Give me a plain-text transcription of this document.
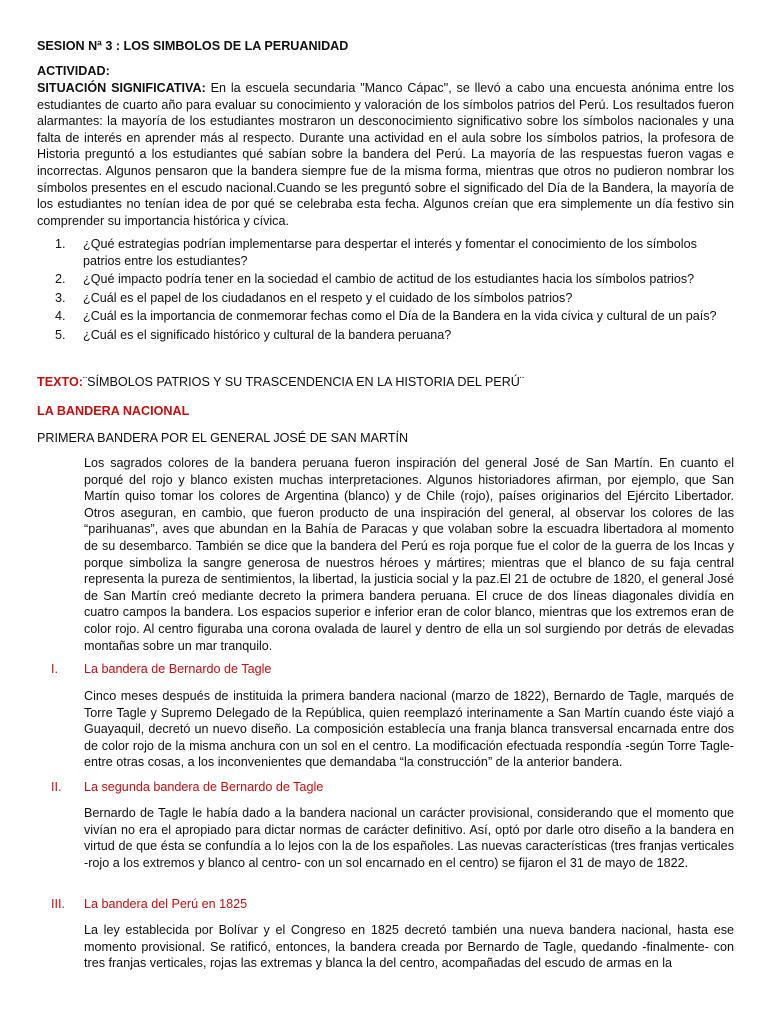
SESION Nª 3 : LOS SIMBOLOS DE LA PERUANIDAD

ACTIVIDAD:

SITUACIÓN SIGNIFICATIVA: En la escuela secundaria "Manco Cápac", se llevó a cabo una encuesta anónima entre los estudiantes de cuarto año para evaluar su conocimiento y valoración de los símbolos patrios del Perú. Los resultados fueron alarmantes: la mayoría de los estudiantes mostraron un desconocimiento significativo sobre los símbolos nacionales y una falta de interés en aprender más al respecto. Durante una actividad en el aula sobre los símbolos patrios, la profesora de Historia preguntó a los estudiantes qué sabían sobre la bandera del Perú. La mayoría de las respuestas fueron vagas e incorrectas. Algunos pensaron que la bandera siempre fue de la misma forma, mientras que otros no pudieron nombrar los símbolos presentes en el escudo nacional.Cuando se les preguntó sobre el significado del Día de la Bandera, la mayoría de los estudiantes no tenían idea de por qué se celebraba esta fecha. Algunos creían que era simplemente un día festivo sin comprender su importancia histórica y cívica.

1. ¿Qué estrategias podrían implementarse para despertar el interés y fomentar el conocimiento de los símbolos patrios entre los estudiantes?
2. ¿Qué impacto podría tener en la sociedad el cambio de actitud de los estudiantes hacia los símbolos patrios?
3. ¿Cuál es el papel de los ciudadanos en el respeto y el cuidado de los símbolos patrios?
4. ¿Cuál es la importancia de conmemorar fechas como el Día de la Bandera en la vida cívica y cultural de un país?
5. ¿Cuál es el significado histórico y cultural de la bandera peruana?

TEXTO:¨SÍMBOLOS PATRIOS Y SU TRASCENDENCIA EN LA HISTORIA DEL PERÚ¨

LA BANDERA NACIONAL

PRIMERA BANDERA POR EL GENERAL JOSÉ DE SAN MARTÍN

Los sagrados colores de la bandera peruana fueron inspiración del general José de San Martín. En cuanto el porqué del rojo y blanco existen muchas interpretaciones. Algunos historiadores afirman, por ejemplo, que San Martín quiso tomar los colores de Argentina (blanco) y de Chile (rojo), países originarios del Ejército Libertador. Otros aseguran, en cambio, que fueron producto de una inspiración del general, al observar los colores de las “parihuanas”, aves que abundan en la Bahía de Paracas y que volaban sobre la escuadra libertadora al momento de su desembarco. También se dice que la bandera del Perú es roja porque fue el color de la guerra de los Incas y porque simboliza la sangre generosa de nuestros héroes y mártires; mientras que el blanco de su faja central representa la pureza de sentimientos, la libertad, la justicia social y la paz.El 21 de octubre de 1820, el general José de San Martín creó mediante decreto la primera bandera peruana. El cruce de dos líneas diagonales dividía en cuatro campos la bandera. Los espacios superior e inferior eran de color blanco, mientras que los extremos eran de color rojo. Al centro figuraba una corona ovalada de laurel y dentro de ella un sol surgiendo por detrás de elevadas montañas sobre un mar tranquilo.

I.	La bandera de Bernardo de Tagle

Cinco meses después de instituida la primera bandera nacional (marzo de 1822), Bernardo de Tagle, marqués de Torre Tagle y Supremo Delegado de la República, quien reemplazó interinamente a San Martín cuando éste viajó a Guayaquil, decretó un nuevo diseño. La composición establecía una franja blanca transversal encarnada entre dos de color rojo de la misma anchura con un sol en el centro. La modificación efectuada respondía -según Torre Tagle- entre otras cosas, a los inconvenientes que demandaba “la construcción” de la anterior bandera.

II.	La segunda bandera de Bernardo de Tagle

Bernardo de Tagle le había dado a la bandera nacional un carácter provisional, considerando que el momento que vivían no era el apropiado para dictar normas de carácter definitivo. Así, optó por darle otro diseño a la bandera en virtud de que ésta se confundía a lo lejos con la de los españoles. Las nuevas características (tres franjas verticales -rojo a los extremos y blanco al centro- con un sol encarnado en el centro) se fijaron el 31 de mayo de 1822.

III.	La bandera del Perú en 1825

La ley establecida por Bolívar y el Congreso en 1825 decretó también una nueva bandera nacional, hasta ese momento provisional. Se ratificó, entonces, la bandera creada por Bernardo de Tagle, quedando -finalmente- con tres franjas verticales, rojas las extremas y blanca la del centro, acompañadas del escudo de armas en la
